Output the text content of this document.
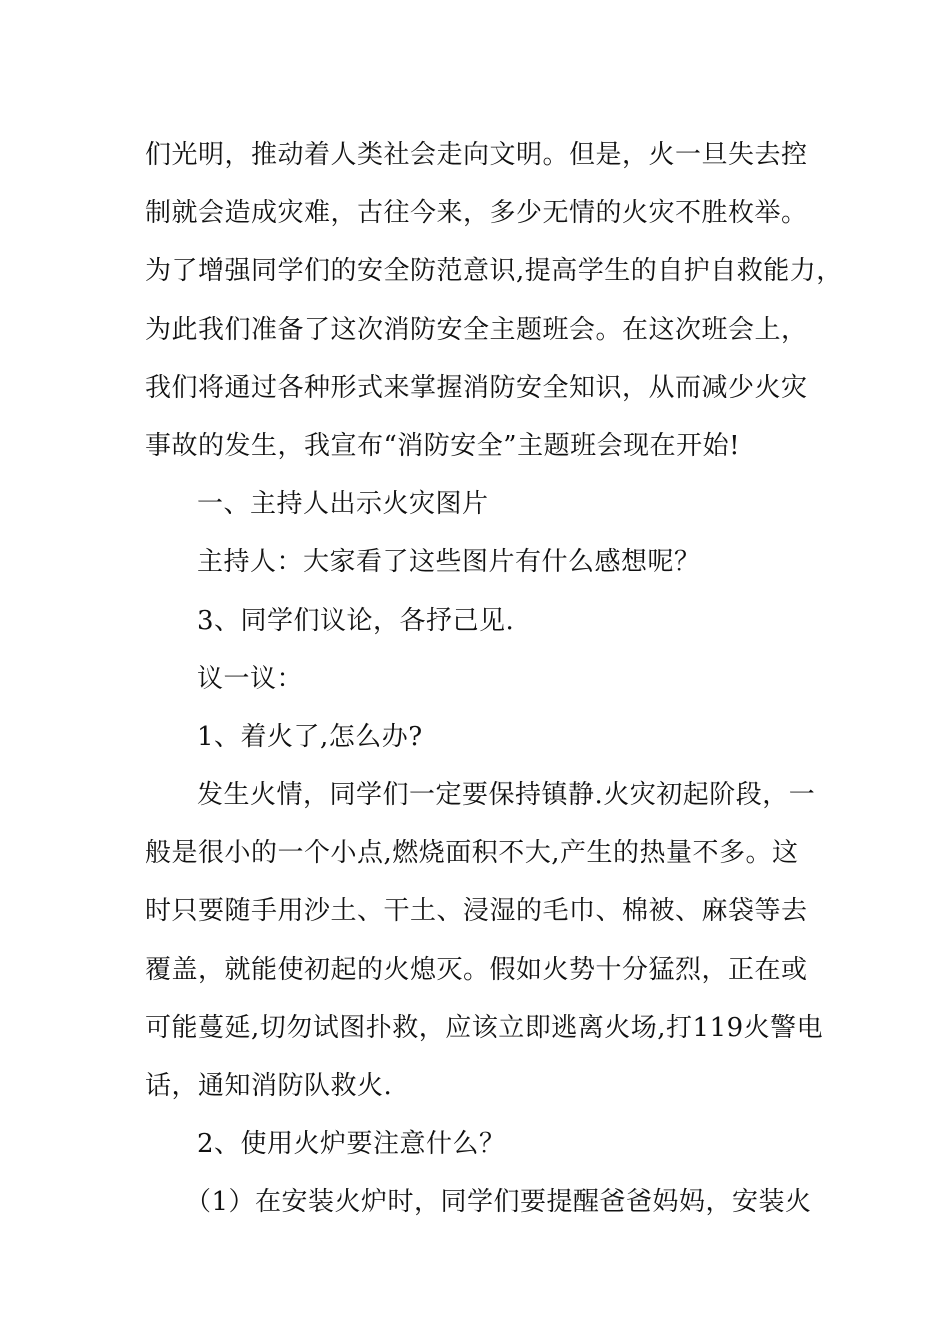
们光明，推动着人类社会走向文明。但是，火一旦失去控
制就会造成灾难，古往今来，多少无情的火灾不胜枚举。
为了增强同学们的安全防范意识,提高学生的自护自救能力，
为此我们准备了这次消防安全主题班会。在这次班会上，
我们将通过各种形式来掌握消防安全知识，从而减少火灾
事故的发生，我宣布“消防安全”主题班会现在开始!
一、主持人出示火灾图片
主持人：大家看了这些图片有什么感想呢？
3、同学们议论，各抒己见.
议一议：
1、着火了,怎么办?
发生火情，同学们一定要保持镇静.火灾初起阶段，一
般是很小的一个小点,燃烧面积不大,产生的热量不多。这
时只要随手用沙土、干土、浸湿的毛巾、棉被、麻袋等去
覆盖，就能使初起的火熄灭。假如火势十分猛烈，正在或
可能蔓延,切勿试图扑救，应该立即逃离火场,打119火警电
话，通知消防队救火.
2、使用火炉要注意什么？
（1）在安装火炉时，同学们要提醒爸爸妈妈，安装火
